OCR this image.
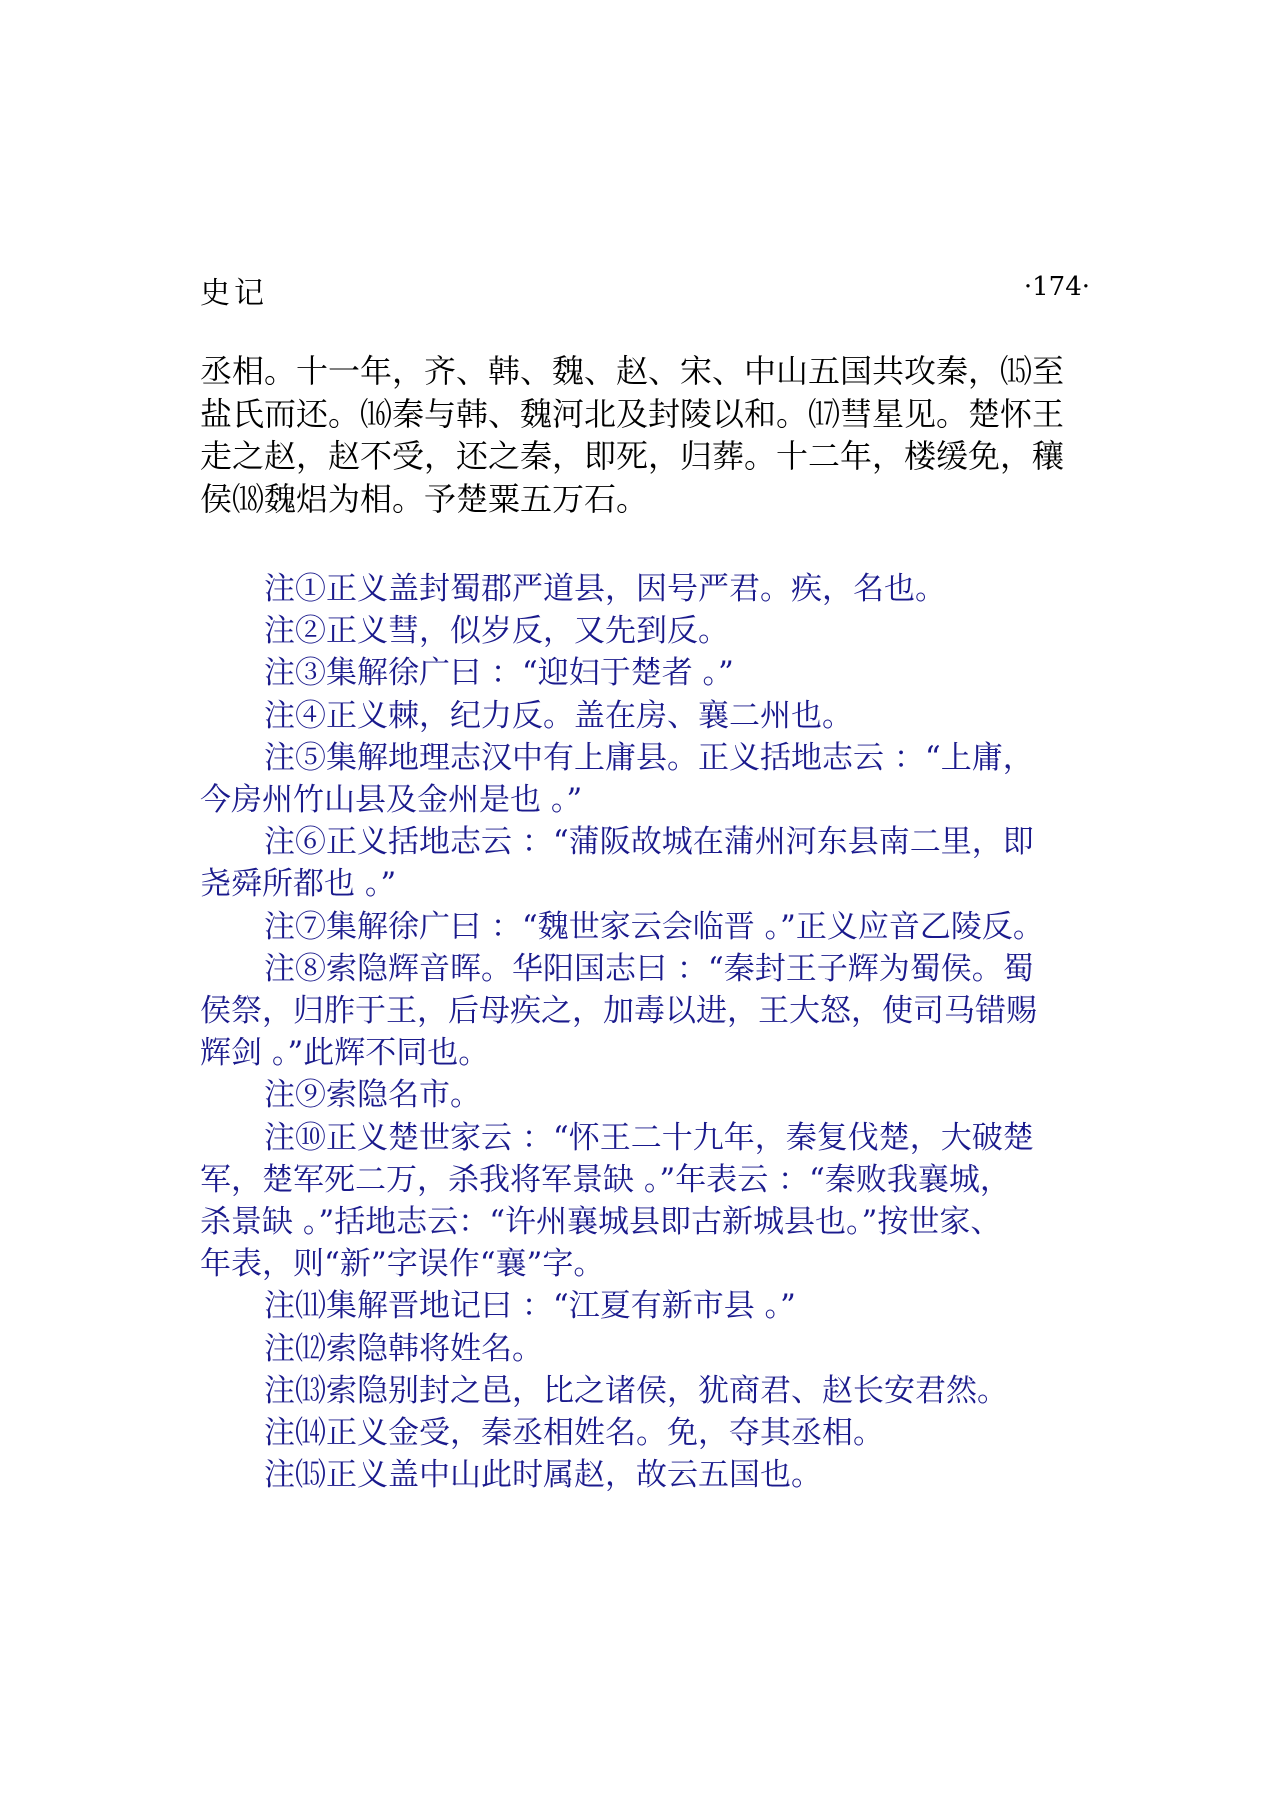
史记	·174·
丞相。十一年，齐、韩、魏、赵、宋、中山五国共攻秦，⒂至
盐氏而还。⒃秦与韩、魏河北及封陵以和。⒄彗星见。楚怀王
走之赵，赵不受，还之秦，即死，归葬。十二年，楼缓免，穰
侯⒅魏焒为相。予楚粟五万石。
注①正义盖封蜀郡严道县，因号严君。疾，名也。
注②正义彗，似岁反，又先到反。
注③集解徐广曰 ：“迎妇于楚者 。”
注④正义棘，纪力反。盖在房、襄二州也。
注⑤集解地理志汉中有上庸县。正义括地志云 ：“上庸，
今房州竹山县及金州是也 。”
注⑥正义括地志云 ：“蒲阪故城在蒲州河东县南二里，即
尧舜所都也 。”
注⑦集解徐广曰 ：“魏世家云会临晋 。”正义应音乙陵反。
注⑧索隐辉音晖。华阳国志曰 ：“秦封王子辉为蜀侯。蜀
侯祭，归胙于王，后母疾之，加毒以进，王大怒，使司马错赐
辉剑 。”此辉不同也。
注⑨索隐名市。
注⑩正义楚世家云 ：“怀王二十九年，秦复伐楚，大破楚
军，楚军死二万，杀我将军景缺 。”年表云 ：“秦败我襄城，
杀景缺 。”括地志云：“许州襄城县即古新城县也。”按世家、
年表，则“新”字误作“襄”字。
注⑾集解晋地记曰 ：“江夏有新市县 。”
注⑿索隐韩将姓名。
注⒀索隐别封之邑，比之诸侯，犹商君、赵长安君然。
注⒁正义金受，秦丞相姓名。免，夺其丞相。
注⒂正义盖中山此时属赵，故云五国也。
